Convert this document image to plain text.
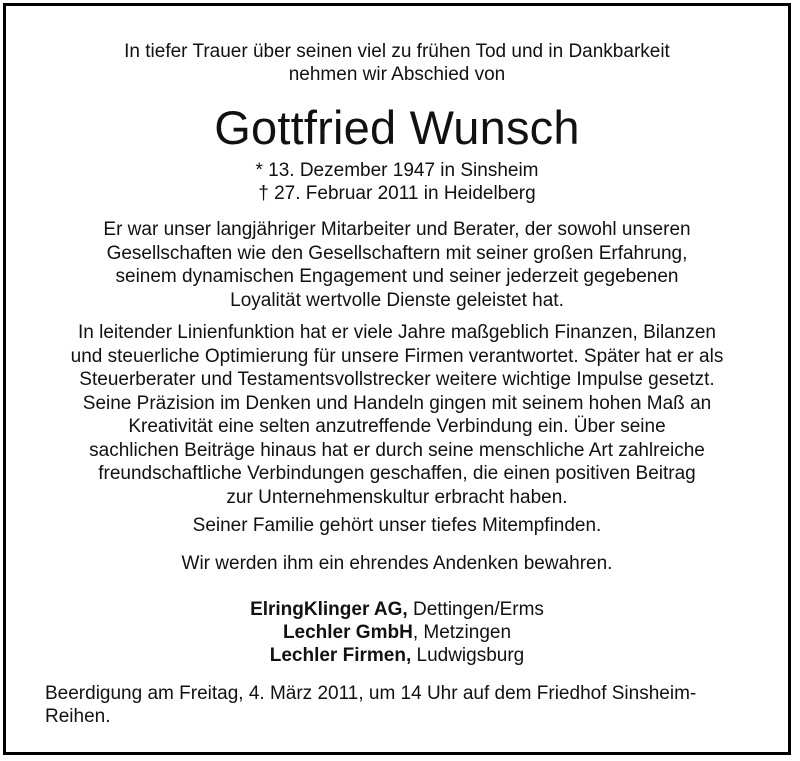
In tiefer Trauer über seinen viel zu frühen Tod und in Dankbarkeit
nehmen wir Abschied von
Gottfried Wunsch
* 13. Dezember 1947 in Sinsheim
† 27. Februar 2011 in Heidelberg
Er war unser langjähriger Mitarbeiter und Berater, der sowohl unseren
Gesellschaften wie den Gesellschaftern mit seiner großen Erfahrung,
seinem dynamischen Engagement und seiner jederzeit gegebenen
Loyalität wertvolle Dienste geleistet hat.
In leitender Linienfunktion hat er viele Jahre maßgeblich Finanzen, Bilanzen
und steuerliche Optimierung für unsere Firmen verantwortet. Später hat er als
Steuerberater und Testamentsvollstrecker weitere wichtige Impulse gesetzt.
Seine Präzision im Denken und Handeln gingen mit seinem hohen Maß an
Kreativität eine selten anzutreffende Verbindung ein. Über seine
sachlichen Beiträge hinaus hat er durch seine menschliche Art zahlreiche
freundschaftliche Verbindungen geschaffen, die einen positiven Beitrag
zur Unternehmenskultur erbracht haben.
Seiner Familie gehört unser tiefes Mitempfinden.
Wir werden ihm ein ehrendes Andenken bewahren.
ElringKlinger AG, Dettingen/Erms
Lechler GmbH, Metzingen
Lechler Firmen, Ludwigsburg
Beerdigung am Freitag, 4. März 2011, um 14 Uhr auf dem Friedhof Sinsheim-
Reihen.
